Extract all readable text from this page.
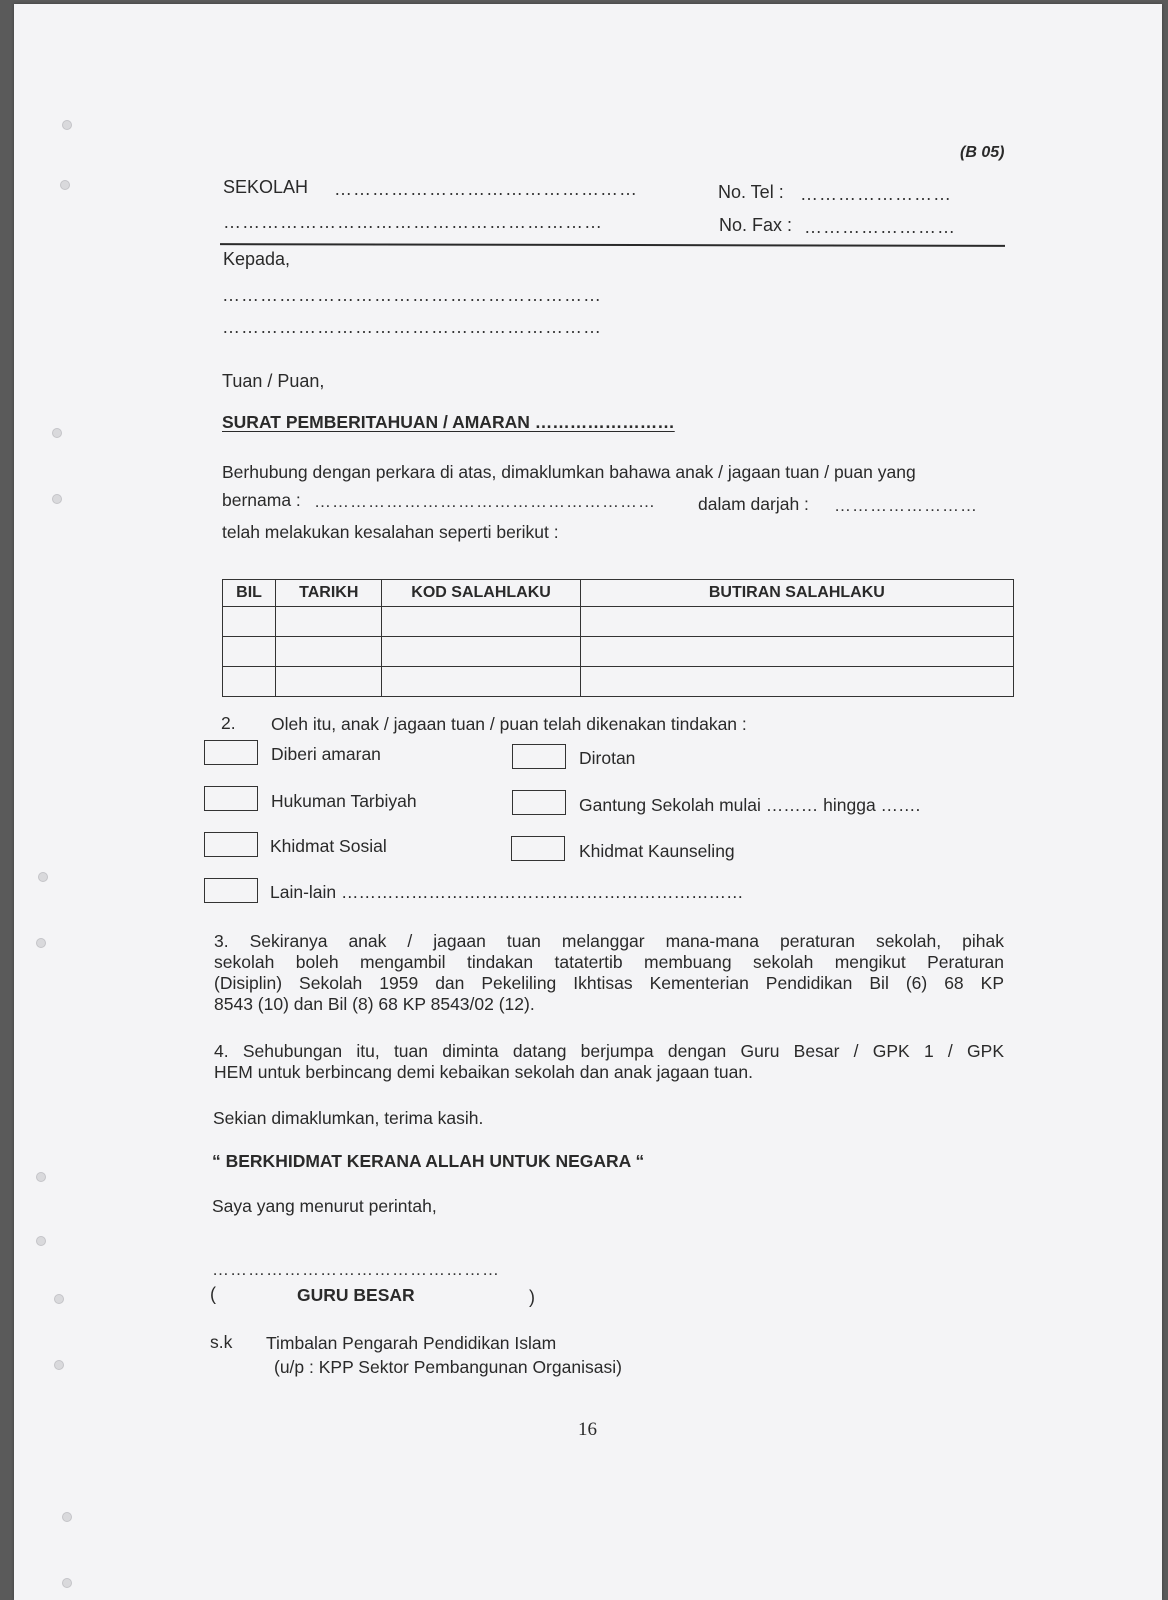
(B 05)
SEKOLAH …………………………………………	No. Tel : ……………………
……………………………………………………	No. Fax : ……………………
Kepada,
……………………………………………………
……………………………………………………
Tuan / Puan,
SURAT PEMBERITAHUAN / AMARAN ……………………
Berhubung dengan perkara di atas, dimaklumkan bahawa anak / jagaan tuan / puan yang
bernama : ………………………………………………… dalam darjah : ……………………
telah melakukan kesalahan seperti berikut :
BIL	TARIKH	KOD SALAHLAKU	BUTIRAN SALAHLAKU

2. Oleh itu, anak / jagaan tuan / puan telah dikenakan tindakan :
Diberi amaran	Dirotan
Hukuman Tarbiyah	Gantung Sekolah mulai ……… hingga …….
Khidmat Sosial	Khidmat Kaunseling
Lain-lain ……………………………………………………………
3. Sekiranya anak / jagaan tuan melanggar mana-mana peraturan sekolah, pihak
sekolah boleh mengambil tindakan tatatertib membuang sekolah mengikut Peraturan
(Disiplin) Sekolah 1959 dan Pekeliling Ikhtisas Kementerian Pendidikan Bil (6) 68 KP
8543 (10) dan Bil (8) 68 KP 8543/02 (12).
4. Sehubungan itu, tuan diminta datang berjumpa dengan Guru Besar / GPK 1 / GPK
HEM untuk berbincang demi kebaikan sekolah dan anak jagaan tuan.
Sekian dimaklumkan, terima kasih.
“ BERKHIDMAT KERANA ALLAH UNTUK NEGARA “
Saya yang menurut perintah,
…………………………………………
(	GURU BESAR	)
s.k Timbalan Pengarah Pendidikan Islam
(u/p : KPP Sektor Pembangunan Organisasi)
16
